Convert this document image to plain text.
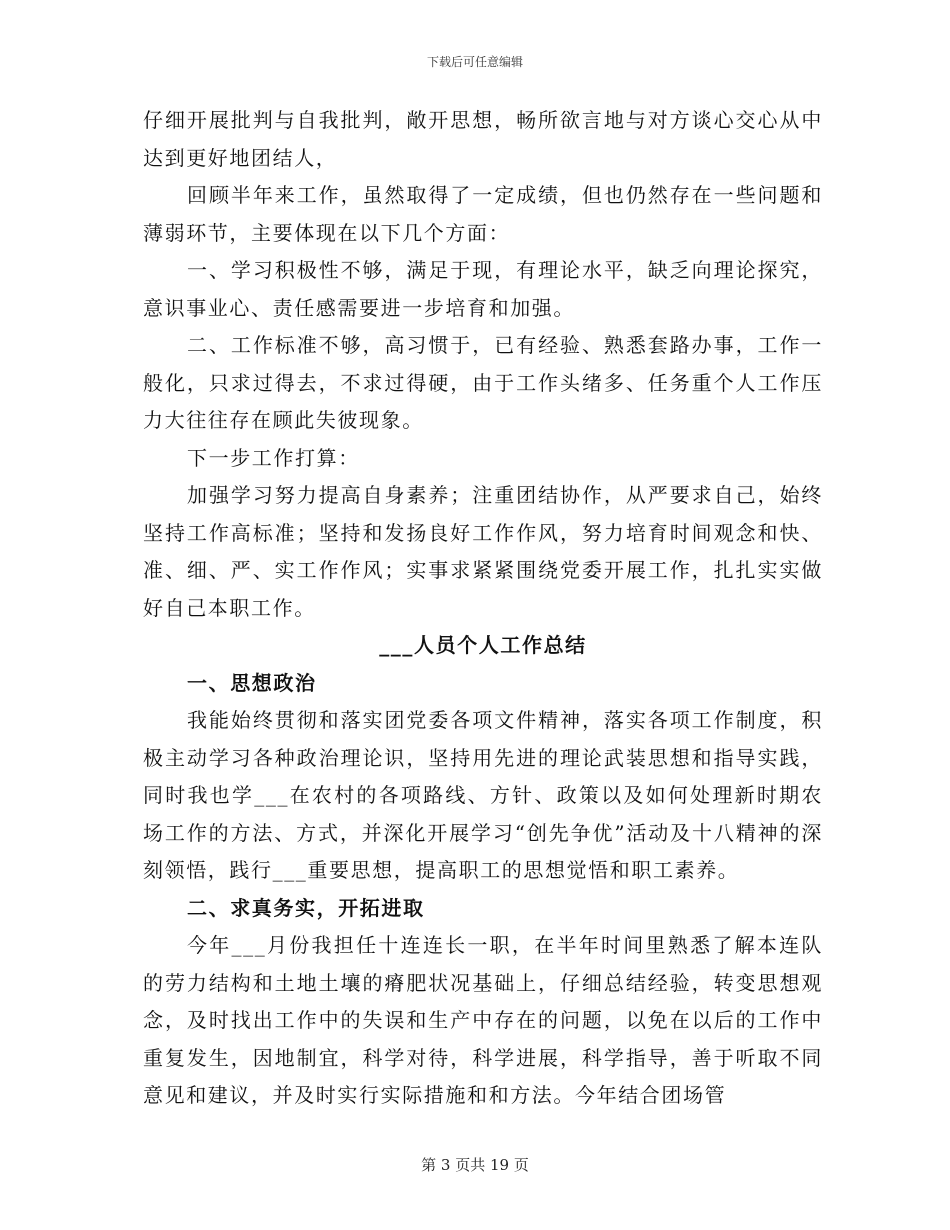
下载后可任意编辑

仔细开展批判与自我批判，敞开思想，畅所欲言地与对方谈心交心从中达到更好地团结人，

回顾半年来工作，虽然取得了一定成绩，但也仍然存在一些问题和薄弱环节，主要体现在以下几个方面：

一、学习积极性不够，满足于现，有理论水平，缺乏向理论探究，意识事业心、责任感需要进一步培育和加强。

二、工作标准不够，高习惯于，已有经验、熟悉套路办事，工作一般化，只求过得去，不求过得硬，由于工作头绪多、任务重个人工作压力大往往存在顾此失彼现象。

下一步工作打算：

加强学习努力提高自身素养；注重团结协作，从严要求自己，始终坚持工作高标准；坚持和发扬良好工作作风，努力培育时间观念和快、准、细、严、实工作作风；实事求紧紧围绕党委开展工作，扎扎实实做好自己本职工作。

___人员个人工作总结

一、思想政治

我能始终贯彻和落实团党委各项文件精神，落实各项工作制度，积极主动学习各种政治理论识，坚持用先进的理论武装思想和指导实践，同时我也学___在农村的各项路线、方针、政策以及如何处理新时期农场工作的方法、方式，并深化开展学习“创先争优”活动及十八精神的深刻领悟，践行___重要思想，提高职工的思想觉悟和职工素养。

二、求真务实，开拓进取

今年___月份我担任十连连长一职，在半年时间里熟悉了解本连队的劳力结构和土地土壤的瘠肥状况基础上，仔细总结经验，转变思想观念，及时找出工作中的失误和生产中存在的问题，以免在以后的工作中重复发生，因地制宜，科学对待，科学进展，科学指导，善于听取不同意见和建议，并及时实行实际措施和和方法。今年结合团场管

第 3 页共 19 页
